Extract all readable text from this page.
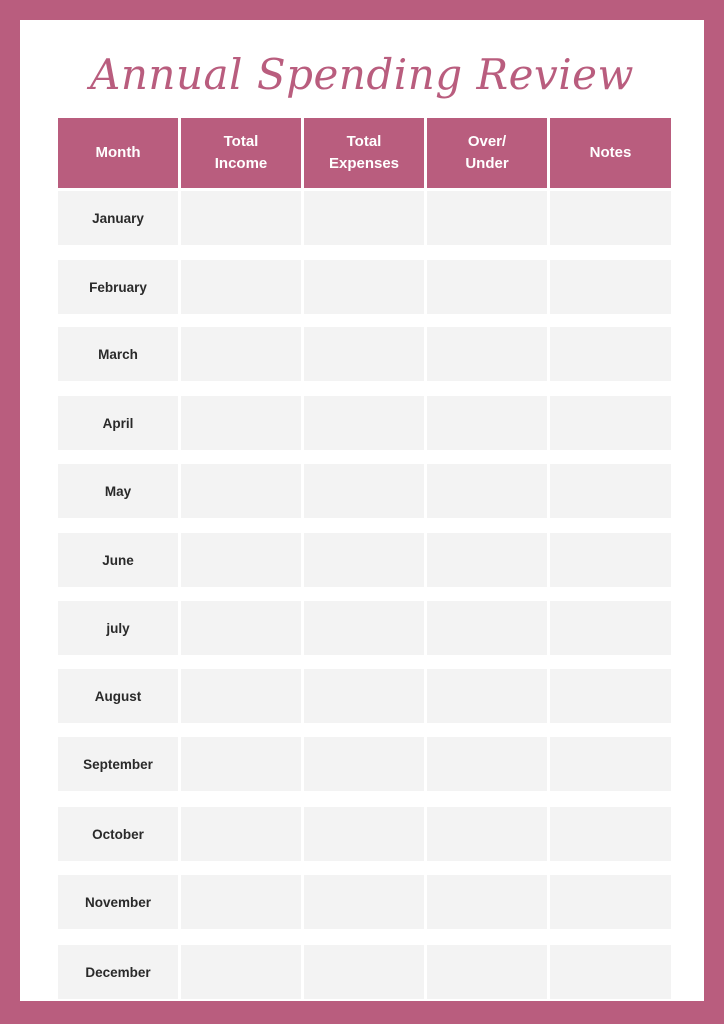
Annual Spending Review
Month
Total
Income
Total
Expenses
Over/
Under
Notes
January
February
March
April
May
June
july
August
September
October
November
December
